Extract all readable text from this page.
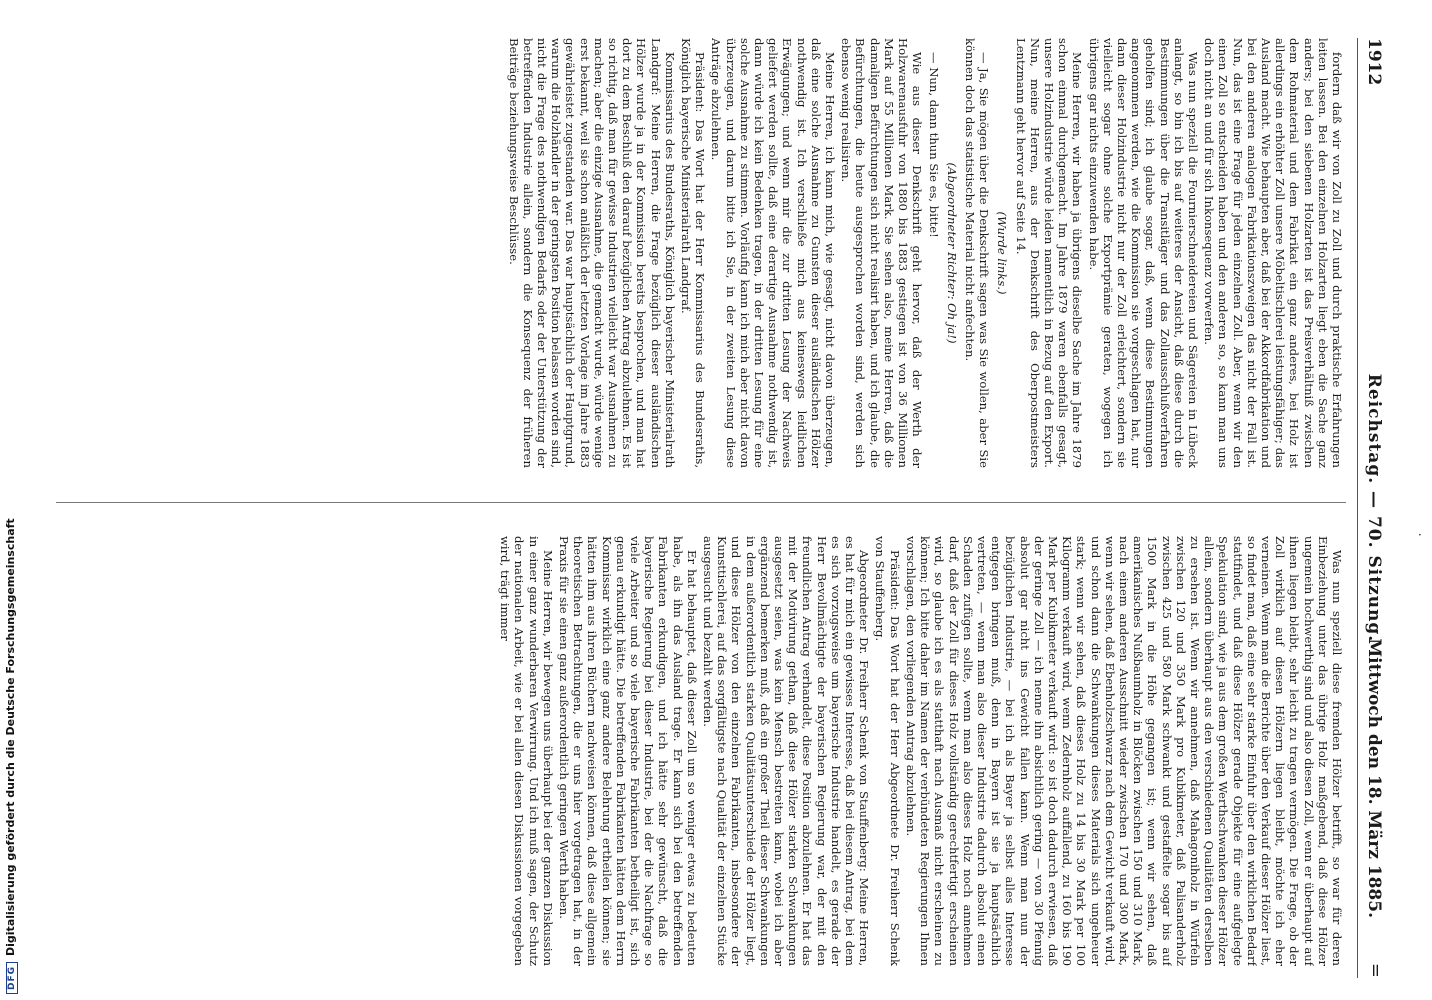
1912
Reichstag. — 70. Sitzung.
Mittwoch den 18. März 1885.
=

fordern daß wir von Zoll zu Zoll und durch praktische Erfahrungen leiten lassen. Bei den einzelnen Holzarten liegt eben die Sache ganz anders; bei den siebenen Holzarten ist das Preisverhältniß zwischen dem Rohmaterial und dem Fabrikat ein ganz anderes, bei Holz ist allerdings ein erhöhter Zoll unsere Möbeltischlerei leistungsfähiger; das Ausland macht. Wie behaupten aber, daß bei der Akkordfabrikation und bei den anderen analogen Fabrikationszweigen das nicht der Fall ist. Nun, das ist eine Frage für jeden einzelnen Zoll. Aber, wenn wir den einen Zoll so entscheiden haben und den anderen so, so kann man uns doch nicht an und für sich Inkonsequenz vorwerfen.

Was nun speziell die Fournierschneidereien und Sägereien in Lübeck anlangt, so bin ich bis auf weiteres der Ansicht, daß diese durch die Bestimmungen über die Transitläger und das Zollausschlußverfahren geholfen sind; ich glaube sogar, daß, wenn diese Bestimmungen angenommen werden, wie die Kommission sie vorgeschlagen hat, nur dann dieser Holzindustrie nicht nur der Zoll erleichtert, sondern sie vielleicht sogar ohne solche Exportprämie geraten, wogegen ich übrigens gar nichts einzuwenden habe.

Meine Herren, wir haben ja übrigens dieselbe Sache im Jahre 1879 schon einmal durchgemacht. Im Jahre 1879 waren ebenfalls gesagt, unsere Holzindustrie würde leiden namentlich in Bezug auf den Export. Nun, meine Herren, aus der Denkschrift des Oberpostmeisters Lentzmann geht hervor auf Seite 14.

(Wurde links.)

— Ja, Sie mögen über die Denkschrift sagen was Sie wollen, aber Sie können doch das statistische Material nicht anfechten.

(Abgeordneter Richter: Oh ja!)

— Nun, dann thun Sie es, bitte!

Wie aus dieser Denkschrift geht hervor, daß der Werth der Holzwarenausfuhr von 1880 bis 1883 gestiegen ist von 36 Millionen Mark auf 55 Millionen Mark. Sie sehen also, meine Herren, daß die damaligen Befürchtungen sich nicht realisirt haben, und ich glaube, die Befürchtungen, die heute ausgesprochen worden sind, werden sich ebenso wenig realisiren.

Meine Herren, ich kann mich, wie gesagt, nicht davon überzeugen, daß eine solche Ausnahme zu Gunsten dieser ausländischen Hölzer nothwendig ist. Ich verschließe mich aus keineswegs leidlichen Erwägungen; und wenn mir die zur dritten Lesung der Nachweis geliefert werden sollte, daß eine derartige Ausnahme nothwendig ist, dann würde ich kein Bedenken tragen, in der dritten Lesung für eine solche Ausnahme zu stimmen. Vorläufig kann ich mich aber nicht davon überzeugen, und darum bitte ich Sie, in der zweiten Lesung diese Anträge abzulehnen.

Präsident: Das Wort hat der Herr Kommissarius des Bundesraths, Königlich bayerische Ministerialrath Landgraf.

Kommissarius des Bundesraths, Königlich bayerischer Ministerialrath Landgraf: Meine Herren, die Frage bezüglich dieser ausländischen Hölzer wurde ja in der Kommission bereits besprochen, und man hat dort zu dem Beschluß den darauf bezüglichen Antrag abzulehnen. Es ist so richtig, daß man für gewisse Industrien vielleicht war Ausnahmen zu machen; aber die einzige Ausnahme, die gemacht wurde, würde wenige erst bekannt, weil sie schon anläßlich der letzten Vorlage im Jahre 1883 gewährleistet zugestanden war. Das war hauptsächlich der Hauptgrund, warum die Holzhändler in der geringsten Position belassen worden sind, nicht die Frage des nothwendigen Bedarfs oder der Unterstützung der betreffenden Industrie allein, sondern die Konsequenz der früheren Beiträge beziehungsweise Beschlüsse.

Was nun speziell diese fremden Hölzer betrifft, so war für deren Einbeziehung unter das übrige Holz maßgebend, daß diese Hölzer ungemein hochwerthig sind und also diesen Zoll, wenn er überhaupt auf ihnen liegen bleibt, sehr leicht zu tragen vermögen. Die Frage, ob der Zoll wirklich auf diesen Hölzern liegen bleibt, möchte ich eher verneinen. Wenn man die Berichte über den Verkauf dieser Hölzer liest, so findet man, daß eine sehr starke Einfuhr über den wirklichen Bedarf stattfindet, und daß diese Hölzer gerade Objekte für eine aufgelegte Spekulation sind, wie ja aus dem großen Werthschwanken dieser Hölzer allein, sondern überhaupt aus den verschiedenen Qualitäten derselben zu ersehen ist. Wenn wir annehmen, daß Mahagoniholz in Würfeln zwischen 120 und 350 Mark pro Kubikmeter, daß Palisanderholz zwischen 425 und 580 Mark schwankt und gestaffelte sogar bis auf 1500 Mark in die Höhe gegangen ist; wenn wir sehen, daß amerikanisches Nußbaumholz in Blöcken zwischen 150 und 310 Mark, nach einem anderen Ausschnitt wieder zwischen 170 und 300 Mark, wenn wir sehen, daß Ebenholzschwarz nach dem Gewicht verkauft wird, und schon dann die Schwankungen dieses Materials sich ungeheuer stark; wenn wir sehen, daß dieses Holz zu 14 bis 30 Mark per 100 Kilogramm verkauft wird, wenn Zedernholz auffallend, zu 160 bis 190 Mark per Kubikmeter verkauft wird: so ist doch dadurch erwiesen, daß der geringe Zoll — ich nenne ihn absichtlich gering — von 30 Pfennig absolut gar nicht ins Gewicht fallen kann. Wenn man nun der bezüglichen Industrie, — bei ich als Bayer ja selbst alles Interesse entgegen bringen muß, denn in Bayern ist sie ja hauptsächlich vertreten, — wenn man also dieser Industrie dadurch absolut einen Schaden zufügen sollte, wenn man also dieses Holz noch annehmen darf, daß der Zoll für dieses Holz vollständig gerechtfertigt erscheinen wird, so glaube ich es als statthaft nach Ausmaß nicht erscheinen zu können; Ich bitte daher im Namen der verbündeten Regierungen Ihnen vorschlagen, den vorliegenden Antrag abzulehnen.

Präsident: Das Wort hat der Herr Abgeordnete Dr. Freiherr Schenk von Stauffenberg.

Abgeordneter Dr. Freiherr Schenk von Stauffenberg: Meine Herren, es hat für mich ein gewisses Interesse, daß bei diesem Antrag, bei dem es sich vorzugsweise um bayerische Industrie handelt, es gerade der Herr Bevollmächtigte der bayerischen Regierung war, der mit den freundlichen Antrag verhandelt, diese Position abzulehnen. Er hat das mit der Motivirung gethan, daß diese Hölzer starken Schwankungen ausgesetzt seien, was kein Mensch bestreiten kann, wobei ich aber ergänzend bemerken muß, daß ein großer Theil dieser Schwankungen in dem außerordentlich starken Qualitätsunterschiede der Hölzer liegt, und diese Hölzer von den einzelnen Fabrikanten, insbesondere der Kunsttischlerei, auf das sorgfältigste nach Qualität der einzelnen Stücke ausgesucht und bezahlt werden.

Er hat behauptet, daß dieser Zoll um so weniger etwas zu bedeuten habe, als ihn das Ausland trage. Er kann sich bei den betreffenden Fabrikanten erkundigen, und ich hätte sehr gewünscht, daß die bayerische Regierung bei dieser Industrie, bei der die Nachfrage so viele Arbeiter und so viele bayerische Fabrikanten betheiligt ist, sich genau erkundigt hätte. Die betreffenden Fabrikanten hätten dem Herrn Kommissar wirklich eine ganz andere Belehrung ertheilen können; sie hätten ihm aus ihren Büchern nachweisen können, daß diese allgemein theoretischen Betrachtungen, die er uns hier vorgetragen hat, in der Praxis für sie einen ganz außerordentlich geringen Werth haben.

Meine Herren, wir bewegen uns überhaupt bei der ganzen Diskussion in einer ganz wunderbaren Verwirrung. Und ich muß sagen, der Schutz der nationalen Arbeit, wie er bei allen diesen Diskussionen vorgegeben wird, trägt immer

DFGDigitalisierung gefördert durch die Deutsche Forschungsgemeinschaft	·
